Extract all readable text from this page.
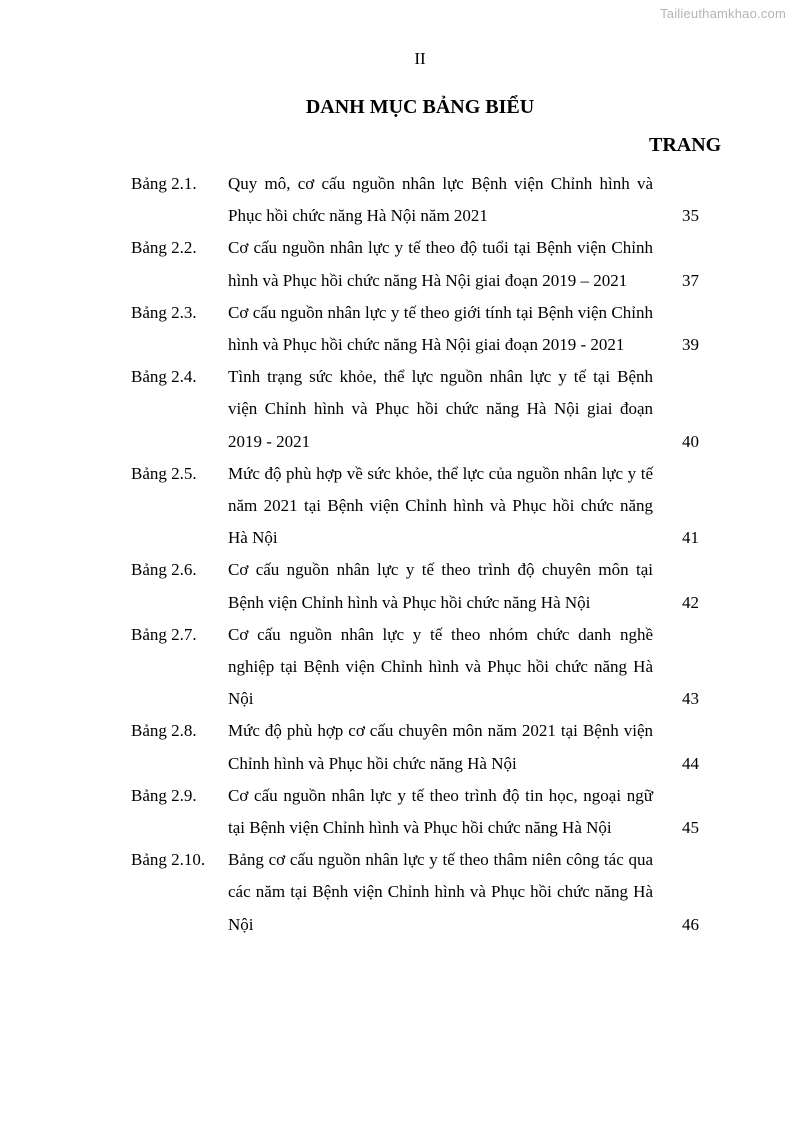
Tailieuthamkhao.com
II
DANH MỤC BẢNG BIỂU
TRANG
Bảng 2.1. Quy mô, cơ cấu nguồn nhân lực Bệnh viện Chỉnh hình và Phục hồi chức năng Hà Nội năm 2021	35
Bảng 2.2. Cơ cấu nguồn nhân lực y tế theo độ tuổi tại Bệnh viện Chỉnh hình và Phục hồi chức năng Hà Nội giai đoạn 2019 – 2021	37
Bảng 2.3. Cơ cấu nguồn nhân lực y tế theo giới tính tại Bệnh viện Chỉnh hình và Phục hồi chức năng Hà Nội giai đoạn 2019 - 2021	39
Bảng 2.4. Tình trạng sức khỏe, thể lực nguồn nhân lực y tế tại Bệnh viện Chỉnh hình và Phục hồi chức năng Hà Nội giai đoạn 2019 - 2021	40
Bảng 2.5. Mức độ phù hợp về sức khỏe, thể lực của nguồn nhân lực y tế năm 2021 tại Bệnh viện Chỉnh hình và Phục hồi chức năng Hà Nội	41
Bảng 2.6. Cơ cấu nguồn nhân lực y tế theo trình độ chuyên môn tại Bệnh viện Chỉnh hình và Phục hồi chức năng Hà Nội	42
Bảng 2.7. Cơ cấu nguồn nhân lực y tế theo nhóm chức danh nghề nghiệp tại Bệnh viện Chỉnh hình và Phục hồi chức năng Hà Nội	43
Bảng 2.8. Mức độ phù hợp cơ cấu chuyên môn năm 2021 tại Bệnh viện Chỉnh hình và Phục hồi chức năng Hà Nội	44
Bảng 2.9. Cơ cấu nguồn nhân lực y tế theo trình độ tin học, ngoại ngữ tại Bệnh viện Chỉnh hình và Phục hồi chức năng Hà Nội	45
Bảng 2.10. Bảng cơ cấu nguồn nhân lực y tế theo thâm niên công tác qua các năm tại Bệnh viện Chỉnh hình và Phục hồi chức năng Hà Nội	46
